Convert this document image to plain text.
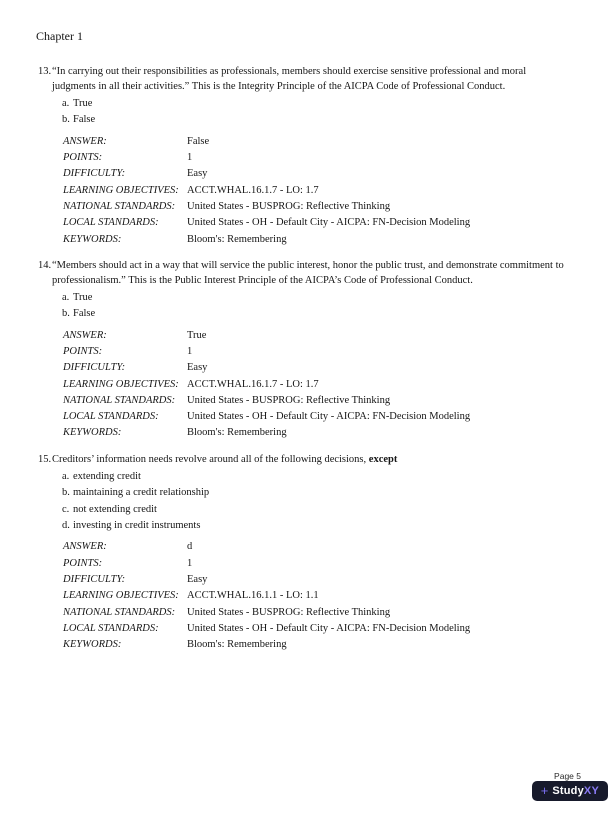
Chapter 1
13. “In carrying out their responsibilities as professionals, members should exercise sensitive professional and moral judgments in all their activities.” This is the Integrity Principle of the AICPA Code of Professional Conduct.
a. True
b. False
ANSWER:	False
POINTS:	1
DIFFICULTY:	Easy
LEARNING OBJECTIVES: ACCT.WHAL.16.1.7 - LO: 1.7
NATIONAL STANDARDS:	United States - BUSPROG: Reflective Thinking
LOCAL STANDARDS:	United States - OH - Default City - AICPA: FN-Decision Modeling
KEYWORDS:	Bloom's: Remembering
14. “Members should act in a way that will service the public interest, honor the public trust, and demonstrate commitment to professionalism.” This is the Public Interest Principle of the AICPA’s Code of Professional Conduct.
a. True
b. False
ANSWER:	True
POINTS:	1
DIFFICULTY:	Easy
LEARNING OBJECTIVES: ACCT.WHAL.16.1.7 - LO: 1.7
NATIONAL STANDARDS:	United States - BUSPROG: Reflective Thinking
LOCAL STANDARDS:	United States - OH - Default City - AICPA: FN-Decision Modeling
KEYWORDS:	Bloom's: Remembering
15. Creditors’ information needs revolve around all of the following decisions, except
a. extending credit
b. maintaining a credit relationship
c. not extending credit
d. investing in credit instruments
ANSWER:	d
POINTS:	1
DIFFICULTY:	Easy
LEARNING OBJECTIVES: ACCT.WHAL.16.1.1 - LO: 1.1
NATIONAL STANDARDS:	United States - BUSPROG: Reflective Thinking
LOCAL STANDARDS:	United States - OH - Default City - AICPA: FN-Decision Modeling
KEYWORDS:	Bloom's: Remembering
Page 5
+ Study XY
